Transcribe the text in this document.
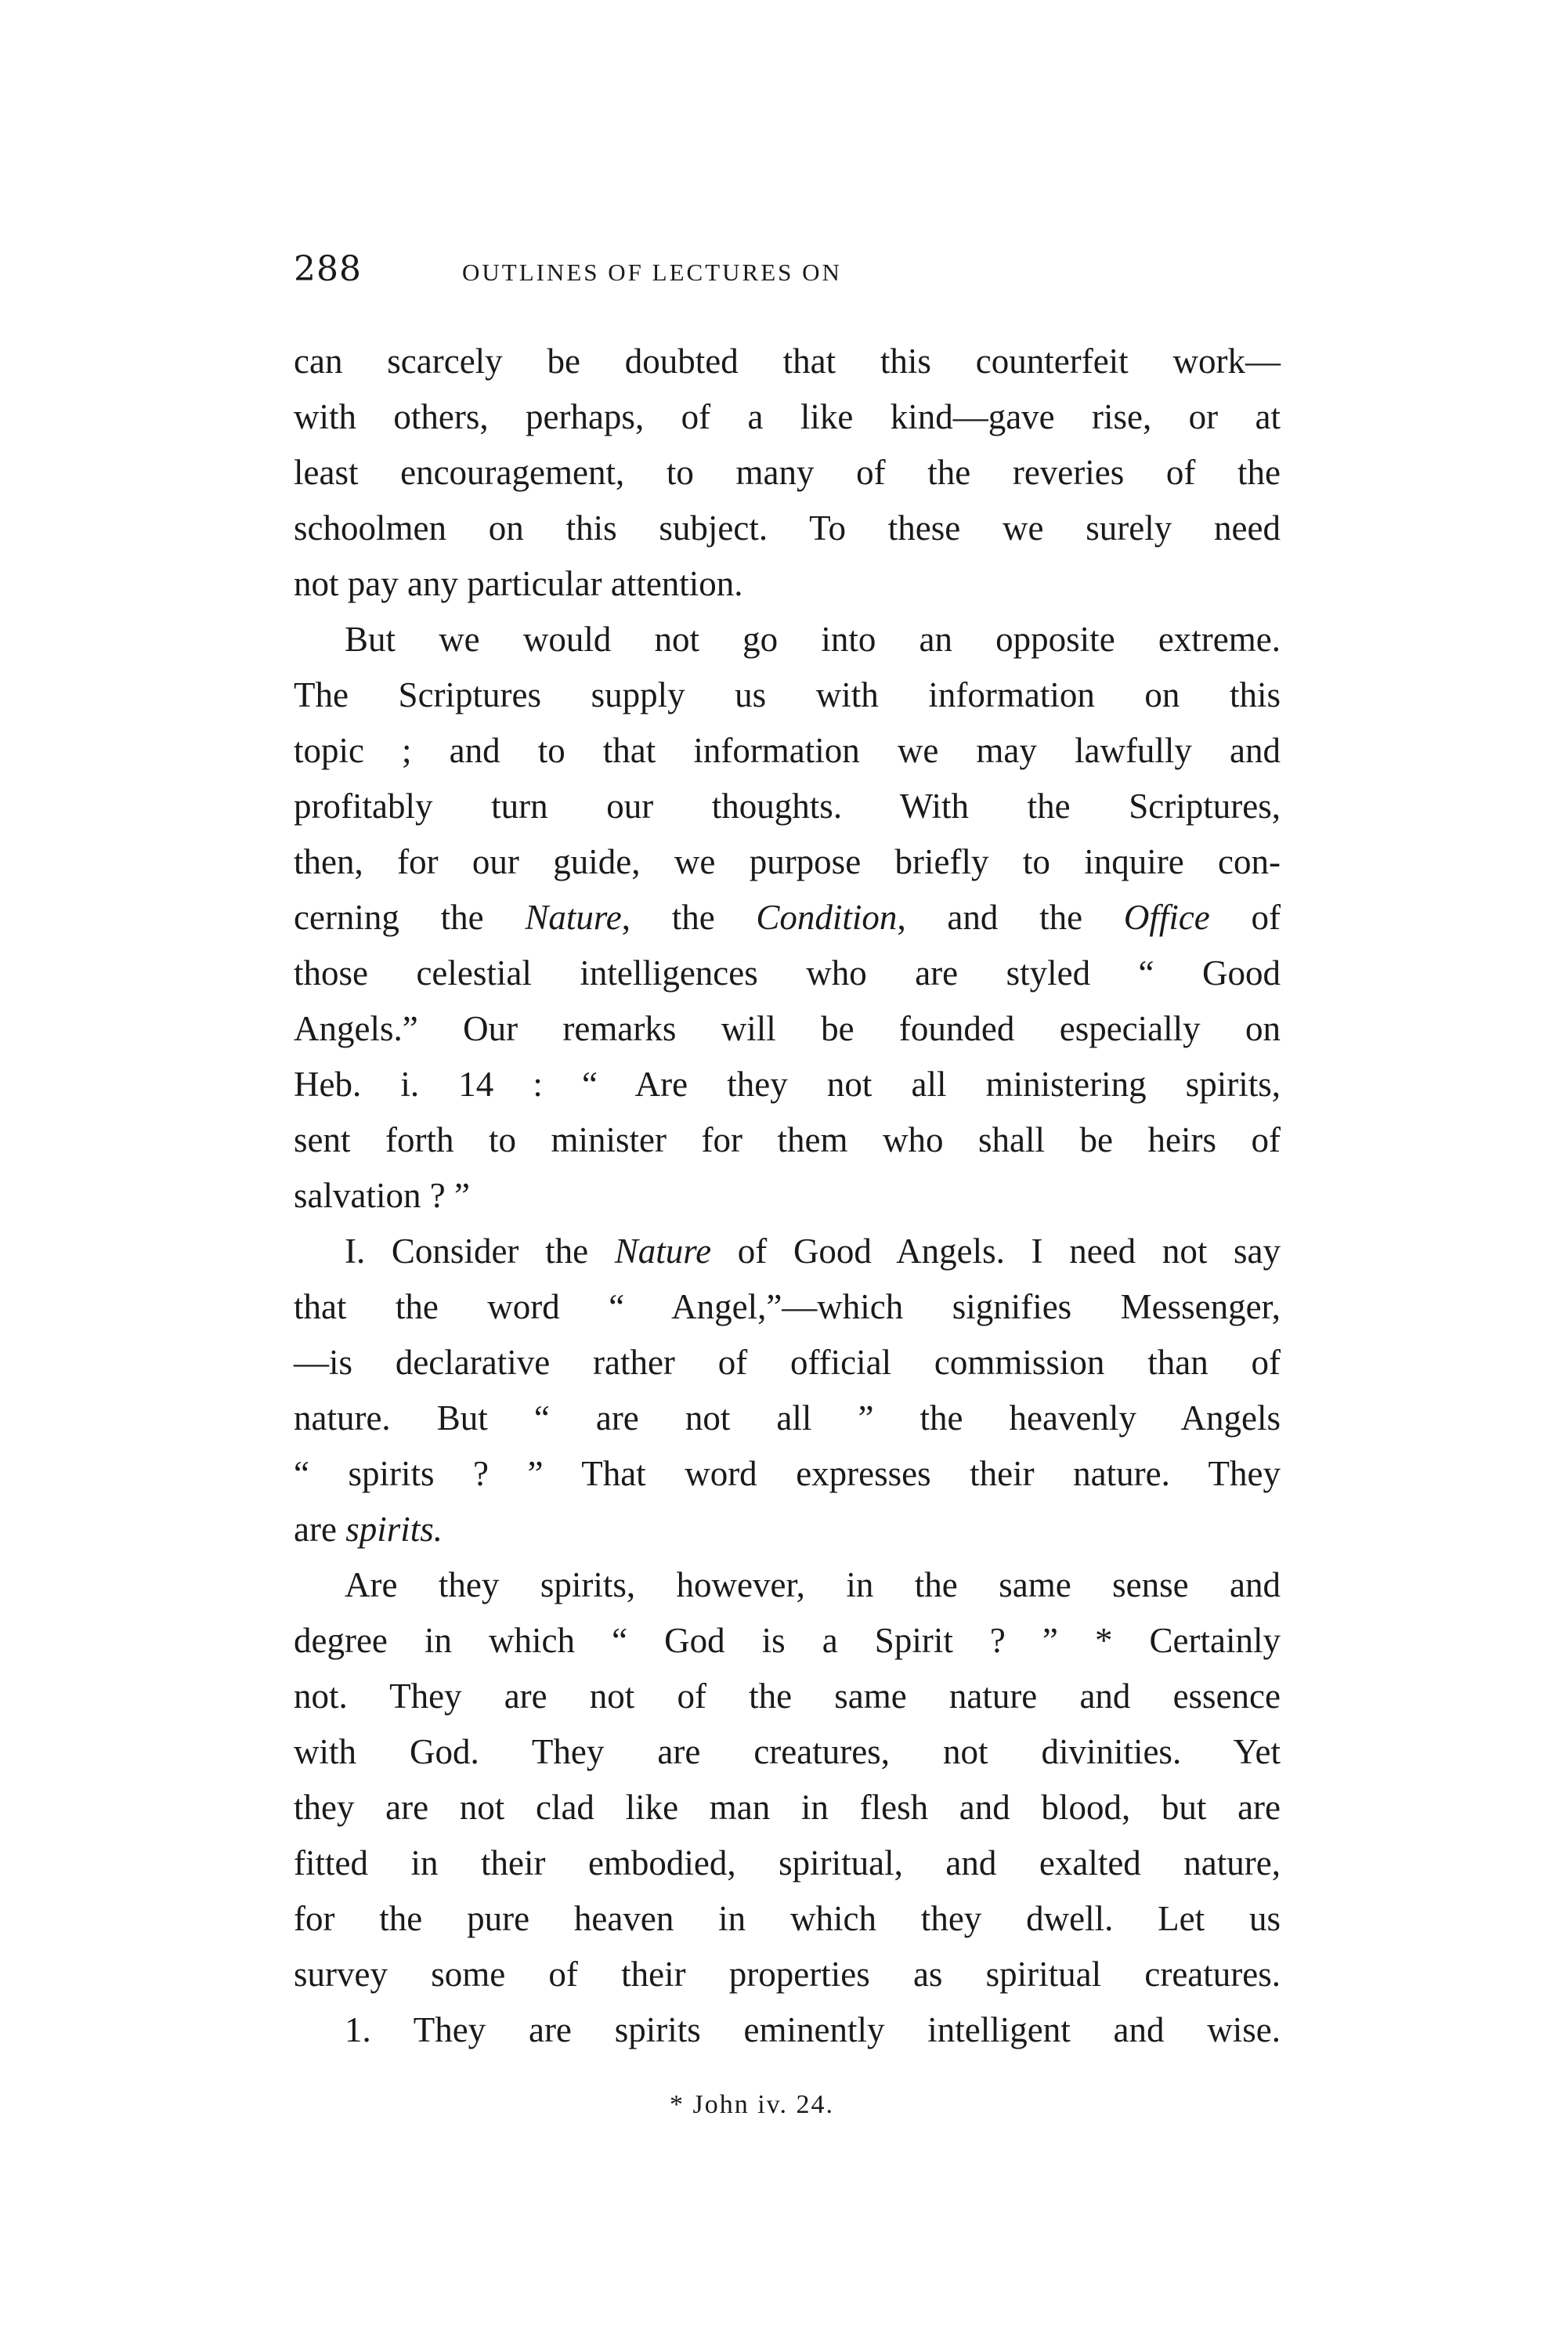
288	OUTLINES OF LECTURES ON
can scarcely be doubted that this counterfeit work—
with others, perhaps, of a like kind—gave rise, or at
least encouragement, to many of the reveries of the
schoolmen on this subject. To these we surely need
not pay any particular attention.
But we would not go into an opposite extreme.
The Scriptures supply us with information on this
topic ; and to that information we may lawfully and
profitably turn our thoughts. With the Scriptures,
then, for our guide, we purpose briefly to inquire con-
cerning the Nature, the Condition, and the Office of
those celestial intelligences who are styled “ Good
Angels.” Our remarks will be founded especially on
Heb. i. 14 : “ Are they not all ministering spirits,
sent forth to minister for them who shall be heirs of
salvation ? ”
I. Consider the Nature of Good Angels. I need not say
that the word “ Angel,”—which signifies Messenger,
—is declarative rather of official commission than of
nature. But “ are not all ” the heavenly Angels
“ spirits ? ” That word expresses their nature. They
are spirits.
Are they spirits, however, in the same sense and
degree in which “ God is a Spirit ? ” * Certainly
not. They are not of the same nature and essence
with God. They are creatures, not divinities. Yet
they are not clad like man in flesh and blood, but are
fitted in their embodied, spiritual, and exalted nature,
for the pure heaven in which they dwell. Let us
survey some of their properties as spiritual creatures.
1. They are spirits eminently intelligent and wise.
* John iv. 24.
